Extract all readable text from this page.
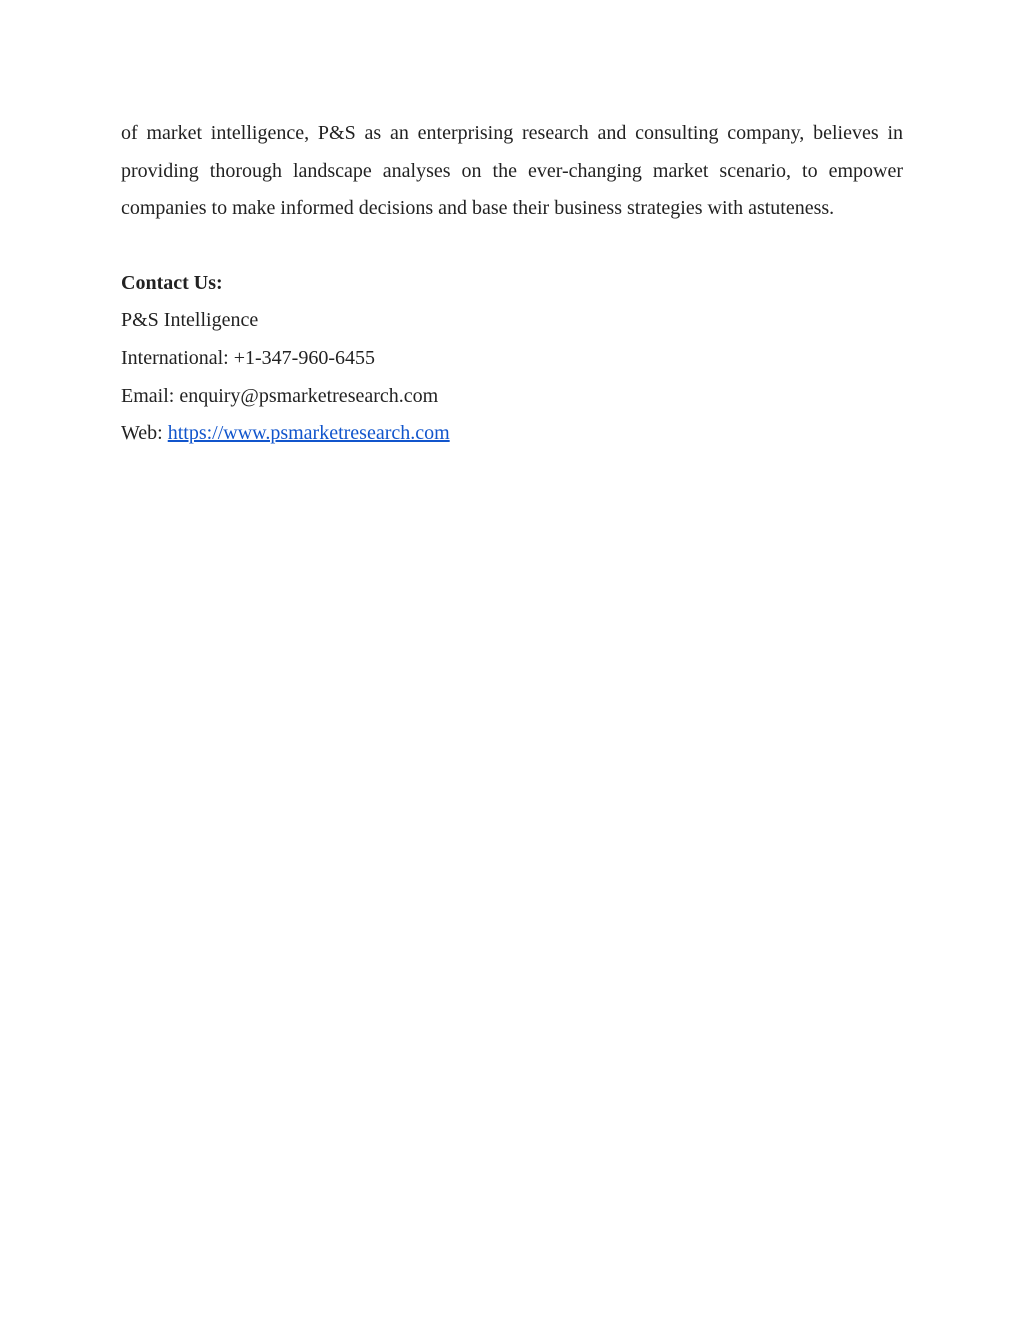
of market intelligence, P&S as an enterprising research and consulting company, believes in providing thorough landscape analyses on the ever-changing market scenario, to empower companies to make informed decisions and base their business strategies with astuteness.

Contact Us:
P&S Intelligence
International: +1-347-960-6455
Email: enquiry@psmarketresearch.com
Web: https://www.psmarketresearch.com
